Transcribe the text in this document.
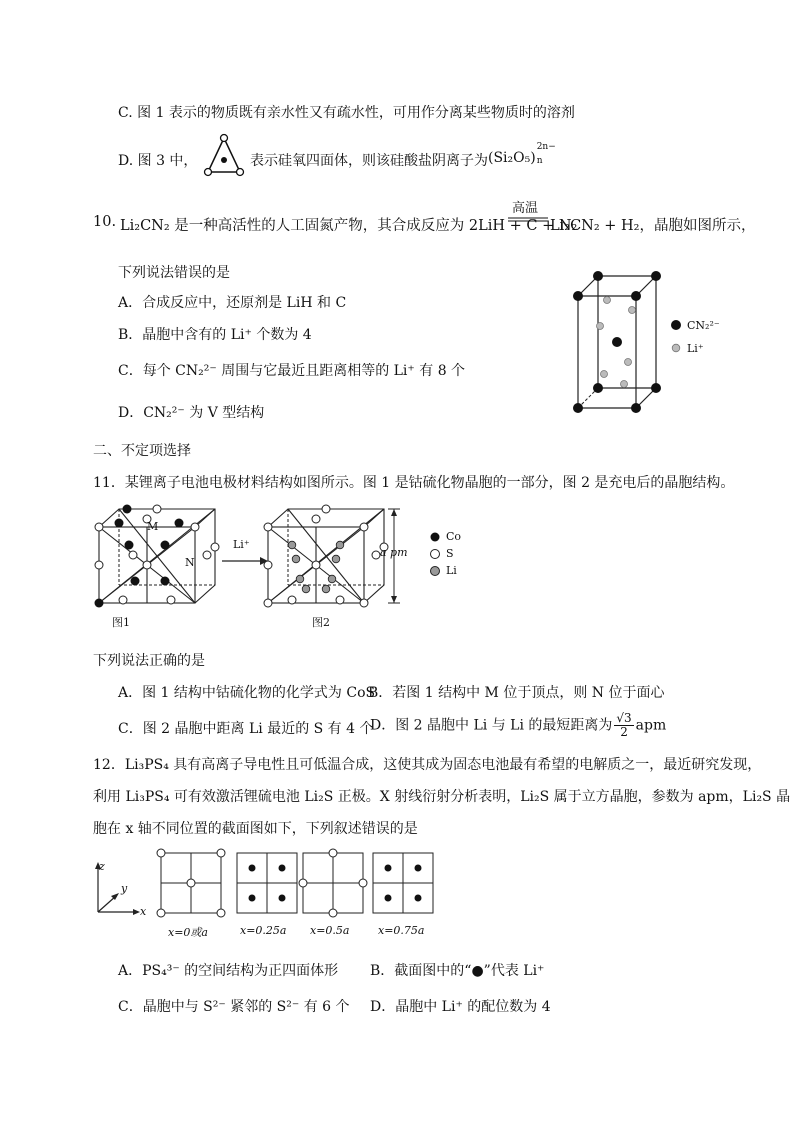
C. 图 1 表示的物质既有亲水性又有疏水性，可用作分离某些物质时的溶剂
D. 图 3 中，	表示硅氧四面体，则该硅酸盐阴离子为 (Si₂O₅)
2n−
n
10. Li₂CN₂ 是一种高活性的人工固氮产物，其合成反应为 2LiH + C + N₂
高温
Li₂CN₂ + H₂，晶胞如图所示，
下列说法错误的是
A．合成反应中，还原剂是 LiH 和 C
B．晶胞中含有的 Li⁺ 个数为 4
C．每个 CN₂²⁻ 周围与它最近且距离相等的 Li⁺ 有 8 个
D．CN₂²⁻ 为 V 型结构
CN₂²⁻
Li⁺
二、不定项选择
11．某锂离子电池电极材料结构如图所示。图 1 是钴硫化物晶胞的一部分，图 2 是充电后的晶胞结构。
M
N
图1
Li⁺
图2
a pm
Co
S
Li
下列说法正确的是
A．图 1 结构中钴硫化物的化学式为 CoS
B．若图 1 结构中 M 位于顶点，则 N 位于面心
C．图 2 晶胞中距离 Li 最近的 S 有 4 个
D．图 2 晶胞中 Li 与 Li 的最短距离为 $\frac{√3}{2}$ apm
12．Li₃PS₄ 具有高离子导电性且可低温合成，这使其成为固态电池最有希望的电解质之一，最近研究发现，
利用 Li₃PS₄ 可有效激活锂硫电池 Li₂S 正极。X 射线衍射分析表明，Li₂S 属于立方晶胞，参数为 apm，Li₂S 晶
胞在 x 轴不同位置的截面图如下，下列叙述错误的是
z
y
x
x=0或a	x=0.25a x=0.5a	x=0.75a
A．PS₄³⁻ 的空间结构为正四面体形 B．截面图中的“●”代表 Li⁺
C．晶胞中与 S²⁻ 紧邻的 S²⁻ 有 6 个 D．晶胞中 Li⁺ 的配位数为 4
